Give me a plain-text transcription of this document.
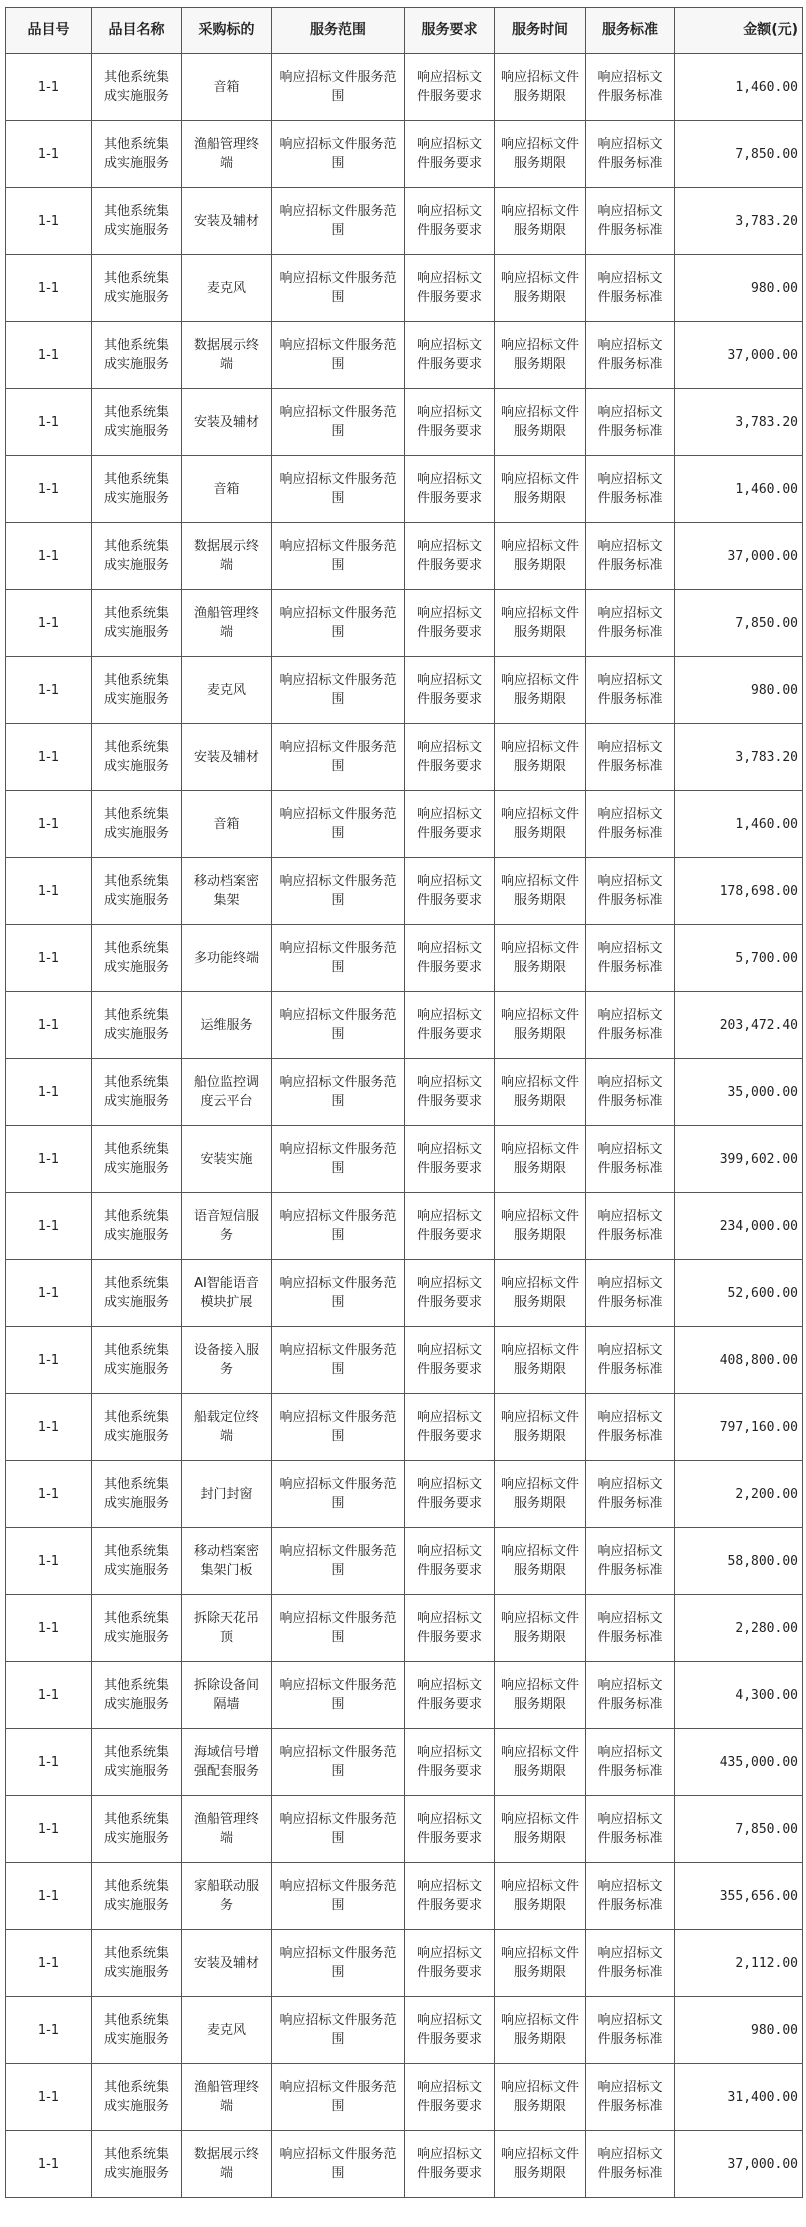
品目号	品目名称	采购标的	服务范围	服务要求	服务时间	服务标准	金额(元)
1-1	其他系统集成实施服务	音箱	响应招标文件服务范围	响应招标文件服务要求	响应招标文件服务期限	响应招标文件服务标准	1,460.00
1-1	其他系统集成实施服务	渔船管理终端	响应招标文件服务范围	响应招标文件服务要求	响应招标文件服务期限	响应招标文件服务标准	7,850.00
1-1	其他系统集成实施服务	安装及辅材	响应招标文件服务范围	响应招标文件服务要求	响应招标文件服务期限	响应招标文件服务标准	3,783.20
1-1	其他系统集成实施服务	麦克风	响应招标文件服务范围	响应招标文件服务要求	响应招标文件服务期限	响应招标文件服务标准	980.00
1-1	其他系统集成实施服务	数据展示终端	响应招标文件服务范围	响应招标文件服务要求	响应招标文件服务期限	响应招标文件服务标准	37,000.00
1-1	其他系统集成实施服务	安装及辅材	响应招标文件服务范围	响应招标文件服务要求	响应招标文件服务期限	响应招标文件服务标准	3,783.20
1-1	其他系统集成实施服务	音箱	响应招标文件服务范围	响应招标文件服务要求	响应招标文件服务期限	响应招标文件服务标准	1,460.00
1-1	其他系统集成实施服务	数据展示终端	响应招标文件服务范围	响应招标文件服务要求	响应招标文件服务期限	响应招标文件服务标准	37,000.00
1-1	其他系统集成实施服务	渔船管理终端	响应招标文件服务范围	响应招标文件服务要求	响应招标文件服务期限	响应招标文件服务标准	7,850.00
1-1	其他系统集成实施服务	麦克风	响应招标文件服务范围	响应招标文件服务要求	响应招标文件服务期限	响应招标文件服务标准	980.00
1-1	其他系统集成实施服务	安装及辅材	响应招标文件服务范围	响应招标文件服务要求	响应招标文件服务期限	响应招标文件服务标准	3,783.20
1-1	其他系统集成实施服务	音箱	响应招标文件服务范围	响应招标文件服务要求	响应招标文件服务期限	响应招标文件服务标准	1,460.00
1-1	其他系统集成实施服务	移动档案密集架	响应招标文件服务范围	响应招标文件服务要求	响应招标文件服务期限	响应招标文件服务标准	178,698.00
1-1	其他系统集成实施服务	多功能终端	响应招标文件服务范围	响应招标文件服务要求	响应招标文件服务期限	响应招标文件服务标准	5,700.00
1-1	其他系统集成实施服务	运维服务	响应招标文件服务范围	响应招标文件服务要求	响应招标文件服务期限	响应招标文件服务标准	203,472.40
1-1	其他系统集成实施服务	船位监控调度云平台	响应招标文件服务范围	响应招标文件服务要求	响应招标文件服务期限	响应招标文件服务标准	35,000.00
1-1	其他系统集成实施服务	安装实施	响应招标文件服务范围	响应招标文件服务要求	响应招标文件服务期限	响应招标文件服务标准	399,602.00
1-1	其他系统集成实施服务	语音短信服务	响应招标文件服务范围	响应招标文件服务要求	响应招标文件服务期限	响应招标文件服务标准	234,000.00
1-1	其他系统集成实施服务	AI智能语音模块扩展	响应招标文件服务范围	响应招标文件服务要求	响应招标文件服务期限	响应招标文件服务标准	52,600.00
1-1	其他系统集成实施服务	设备接入服务	响应招标文件服务范围	响应招标文件服务要求	响应招标文件服务期限	响应招标文件服务标准	408,800.00
1-1	其他系统集成实施服务	船载定位终端	响应招标文件服务范围	响应招标文件服务要求	响应招标文件服务期限	响应招标文件服务标准	797,160.00
1-1	其他系统集成实施服务	封门封窗	响应招标文件服务范围	响应招标文件服务要求	响应招标文件服务期限	响应招标文件服务标准	2,200.00
1-1	其他系统集成实施服务	移动档案密集架门板	响应招标文件服务范围	响应招标文件服务要求	响应招标文件服务期限	响应招标文件服务标准	58,800.00
1-1	其他系统集成实施服务	拆除天花吊顶	响应招标文件服务范围	响应招标文件服务要求	响应招标文件服务期限	响应招标文件服务标准	2,280.00
1-1	其他系统集成实施服务	拆除设备间隔墙	响应招标文件服务范围	响应招标文件服务要求	响应招标文件服务期限	响应招标文件服务标准	4,300.00
1-1	其他系统集成实施服务	海域信号增强配套服务	响应招标文件服务范围	响应招标文件服务要求	响应招标文件服务期限	响应招标文件服务标准	435,000.00
1-1	其他系统集成实施服务	渔船管理终端	响应招标文件服务范围	响应招标文件服务要求	响应招标文件服务期限	响应招标文件服务标准	7,850.00
1-1	其他系统集成实施服务	家船联动服务	响应招标文件服务范围	响应招标文件服务要求	响应招标文件服务期限	响应招标文件服务标准	355,656.00
1-1	其他系统集成实施服务	安装及辅材	响应招标文件服务范围	响应招标文件服务要求	响应招标文件服务期限	响应招标文件服务标准	2,112.00
1-1	其他系统集成实施服务	麦克风	响应招标文件服务范围	响应招标文件服务要求	响应招标文件服务期限	响应招标文件服务标准	980.00
1-1	其他系统集成实施服务	渔船管理终端	响应招标文件服务范围	响应招标文件服务要求	响应招标文件服务期限	响应招标文件服务标准	31,400.00
1-1	其他系统集成实施服务	数据展示终端	响应招标文件服务范围	响应招标文件服务要求	响应招标文件服务期限	响应招标文件服务标准	37,000.00
